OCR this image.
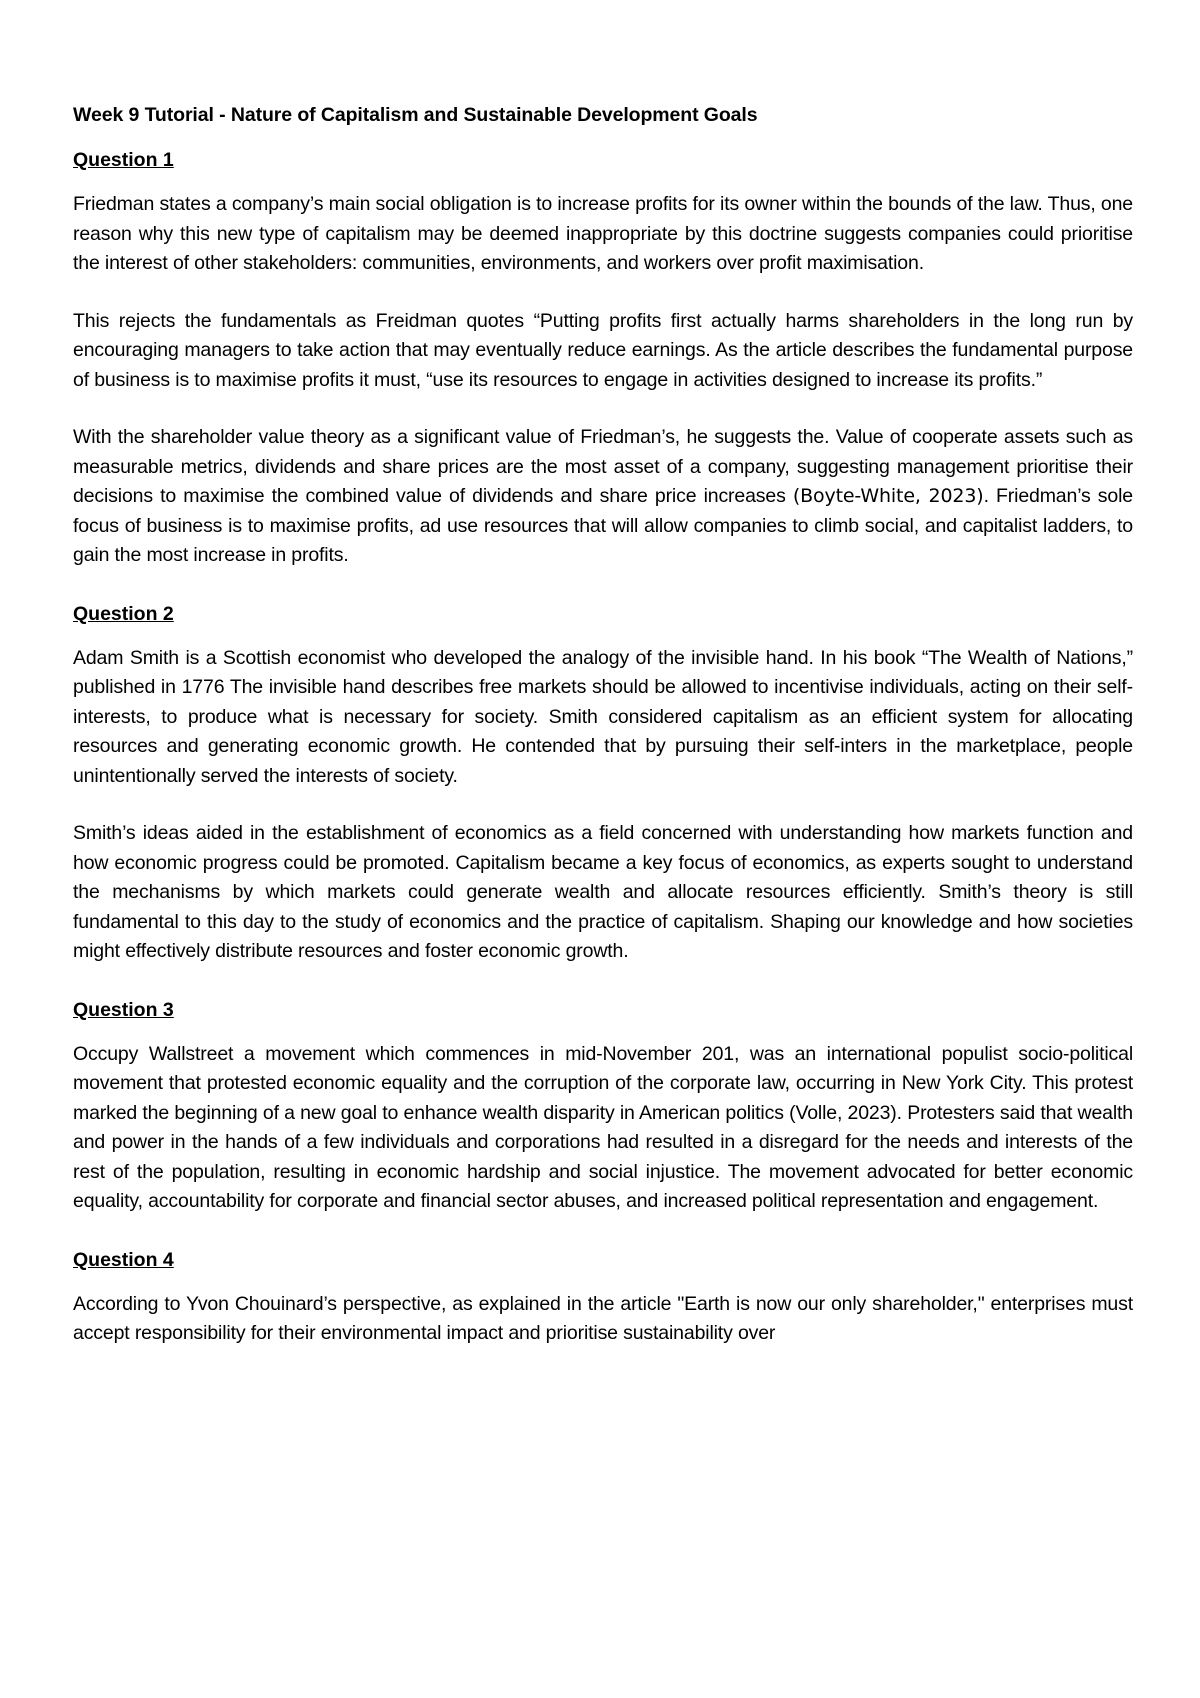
Week 9 Tutorial - Nature of Capitalism and Sustainable Development Goals
Question 1

Friedman states a company’s main social obligation is to increase profits for its owner within the bounds of the law. Thus, one reason why this new type of capitalism may be deemed inappropriate by this doctrine suggests companies could prioritise the interest of other stakeholders: communities, environments, and workers over profit maximisation.

This rejects the fundamentals as Freidman quotes “Putting profits first actually harms shareholders in the long run by encouraging managers to take action that may eventually reduce earnings. As the article describes the fundamental purpose of business is to maximise profits it must, “use its resources to engage in activities designed to increase its profits.”

With the shareholder value theory as a significant value of Friedman’s, he suggests the. Value of cooperate assets such as measurable metrics, dividends and share prices are the most asset of a company, suggesting management prioritise their decisions to maximise the combined value of dividends and share price increases (Boyte-White, 2023). Friedman’s sole focus of business is to maximise profits, ad use resources that will allow companies to climb social, and capitalist ladders, to gain the most increase in profits.

Question 2

Adam Smith is a Scottish economist who developed the analogy of the invisible hand. In his book “The Wealth of Nations,” published in 1776 The invisible hand describes free markets should be allowed to incentivise individuals, acting on their self-interests, to produce what is necessary for society. Smith considered capitalism as an efficient system for allocating resources and generating economic growth. He contended that by pursuing their self-inters in the marketplace, people unintentionally served the interests of society.

Smith’s ideas aided in the establishment of economics as a field concerned with understanding how markets function and how economic progress could be promoted. Capitalism became a key focus of economics, as experts sought to understand the mechanisms by which markets could generate wealth and allocate resources efficiently. Smith’s theory is still fundamental to this day to the study of economics and the practice of capitalism. Shaping our knowledge and how societies might effectively distribute resources and foster economic growth.

Question 3

Occupy Wallstreet a movement which commences in mid-November 201, was an international populist socio-political movement that protested economic equality and the corruption of the corporate law, occurring in New York City. This protest marked the beginning of a new goal to enhance wealth disparity in American politics (Volle, 2023). Protesters said that wealth and power in the hands of a few individuals and corporations had resulted in a disregard for the needs and interests of the rest of the population, resulting in economic hardship and social injustice. The movement advocated for better economic equality, accountability for corporate and financial sector abuses, and increased political representation and engagement.

Question 4

According to Yvon Chouinard’s perspective, as explained in the article "Earth is now our only shareholder," enterprises must accept responsibility for their environmental impact and prioritise sustainability over
